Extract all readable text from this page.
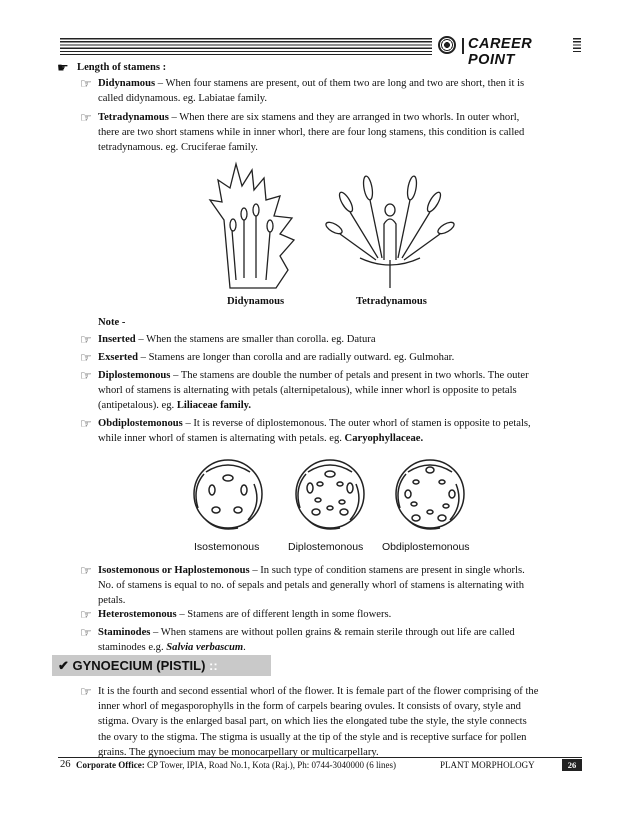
CAREER POINT
☛ Length of stamens :
☞ Didynamous – When four stamens are present, out of them two are long and two are short, then it is
called didynamous. eg. Labiatae family.
☞ Tetradynamous – When there are six stamens and they are arranged in two whorls. In outer whorl,
there are two short stamens while in inner whorl, there are four long stamens, this condition is called
tetradynamous. eg. Cruciferae family.
Didynamous	Tetradynamous
Note -
☞ Inserted – When the stamens are smaller than corolla. eg. Datura
☞ Exserted – Stamens are longer than corolla and are radially outward. eg. Gulmohar.
☞ Diplostemonous – The stamens are double the number of petals and present in two whorls. The outer
whorl of stamens is alternating with petals (alternipetalous), while inner whorl is opposite to petals
(antipetalous). eg. Liliaceae family.
☞ Obdiplostemonous – It is reverse of diplostemonous. The outer whorl of stamen is opposite to petals,
while inner whorl of stamen is alternating with petals. eg. Caryophyllaceae.
Isostemonous	Diplostemonous Obdiplostemonous
☞ Isostemonous or Haplostemonous – In such type of condition stamens are present in single whorls.
No. of stamens is equal to no. of sepals and petals and generally whorl of stamens is alternating with
petals.
☞ Heterostemonous – Stamens are of different length in some flowers.
☞ Staminodes – When stamens are without pollen grains & remain sterile through out life are called
staminodes e.g. Salvia verbascum.
✔ GYNOECIUM (PISTIL) ::
☞ It is the fourth and second essential whorl of the flower. It is female part of the flower comprising of the
inner whorl of megasporophylls in the form of carpels bearing ovules. It consists of ovary, style and
stigma. Ovary is the enlarged basal part, on which lies the elongated tube the style, the style connects
the ovary to the stigma. The stigma is usually at the tip of the style and is receptive surface for pollen
grains. The gynoecium may be monocarpellary or multicarpellary.
26 Corporate Office: CP Tower, IPIA, Road No.1, Kota (Raj.), Ph: 0744-3040000 (6 lines)	PLANT MORPHOLOGY	26
